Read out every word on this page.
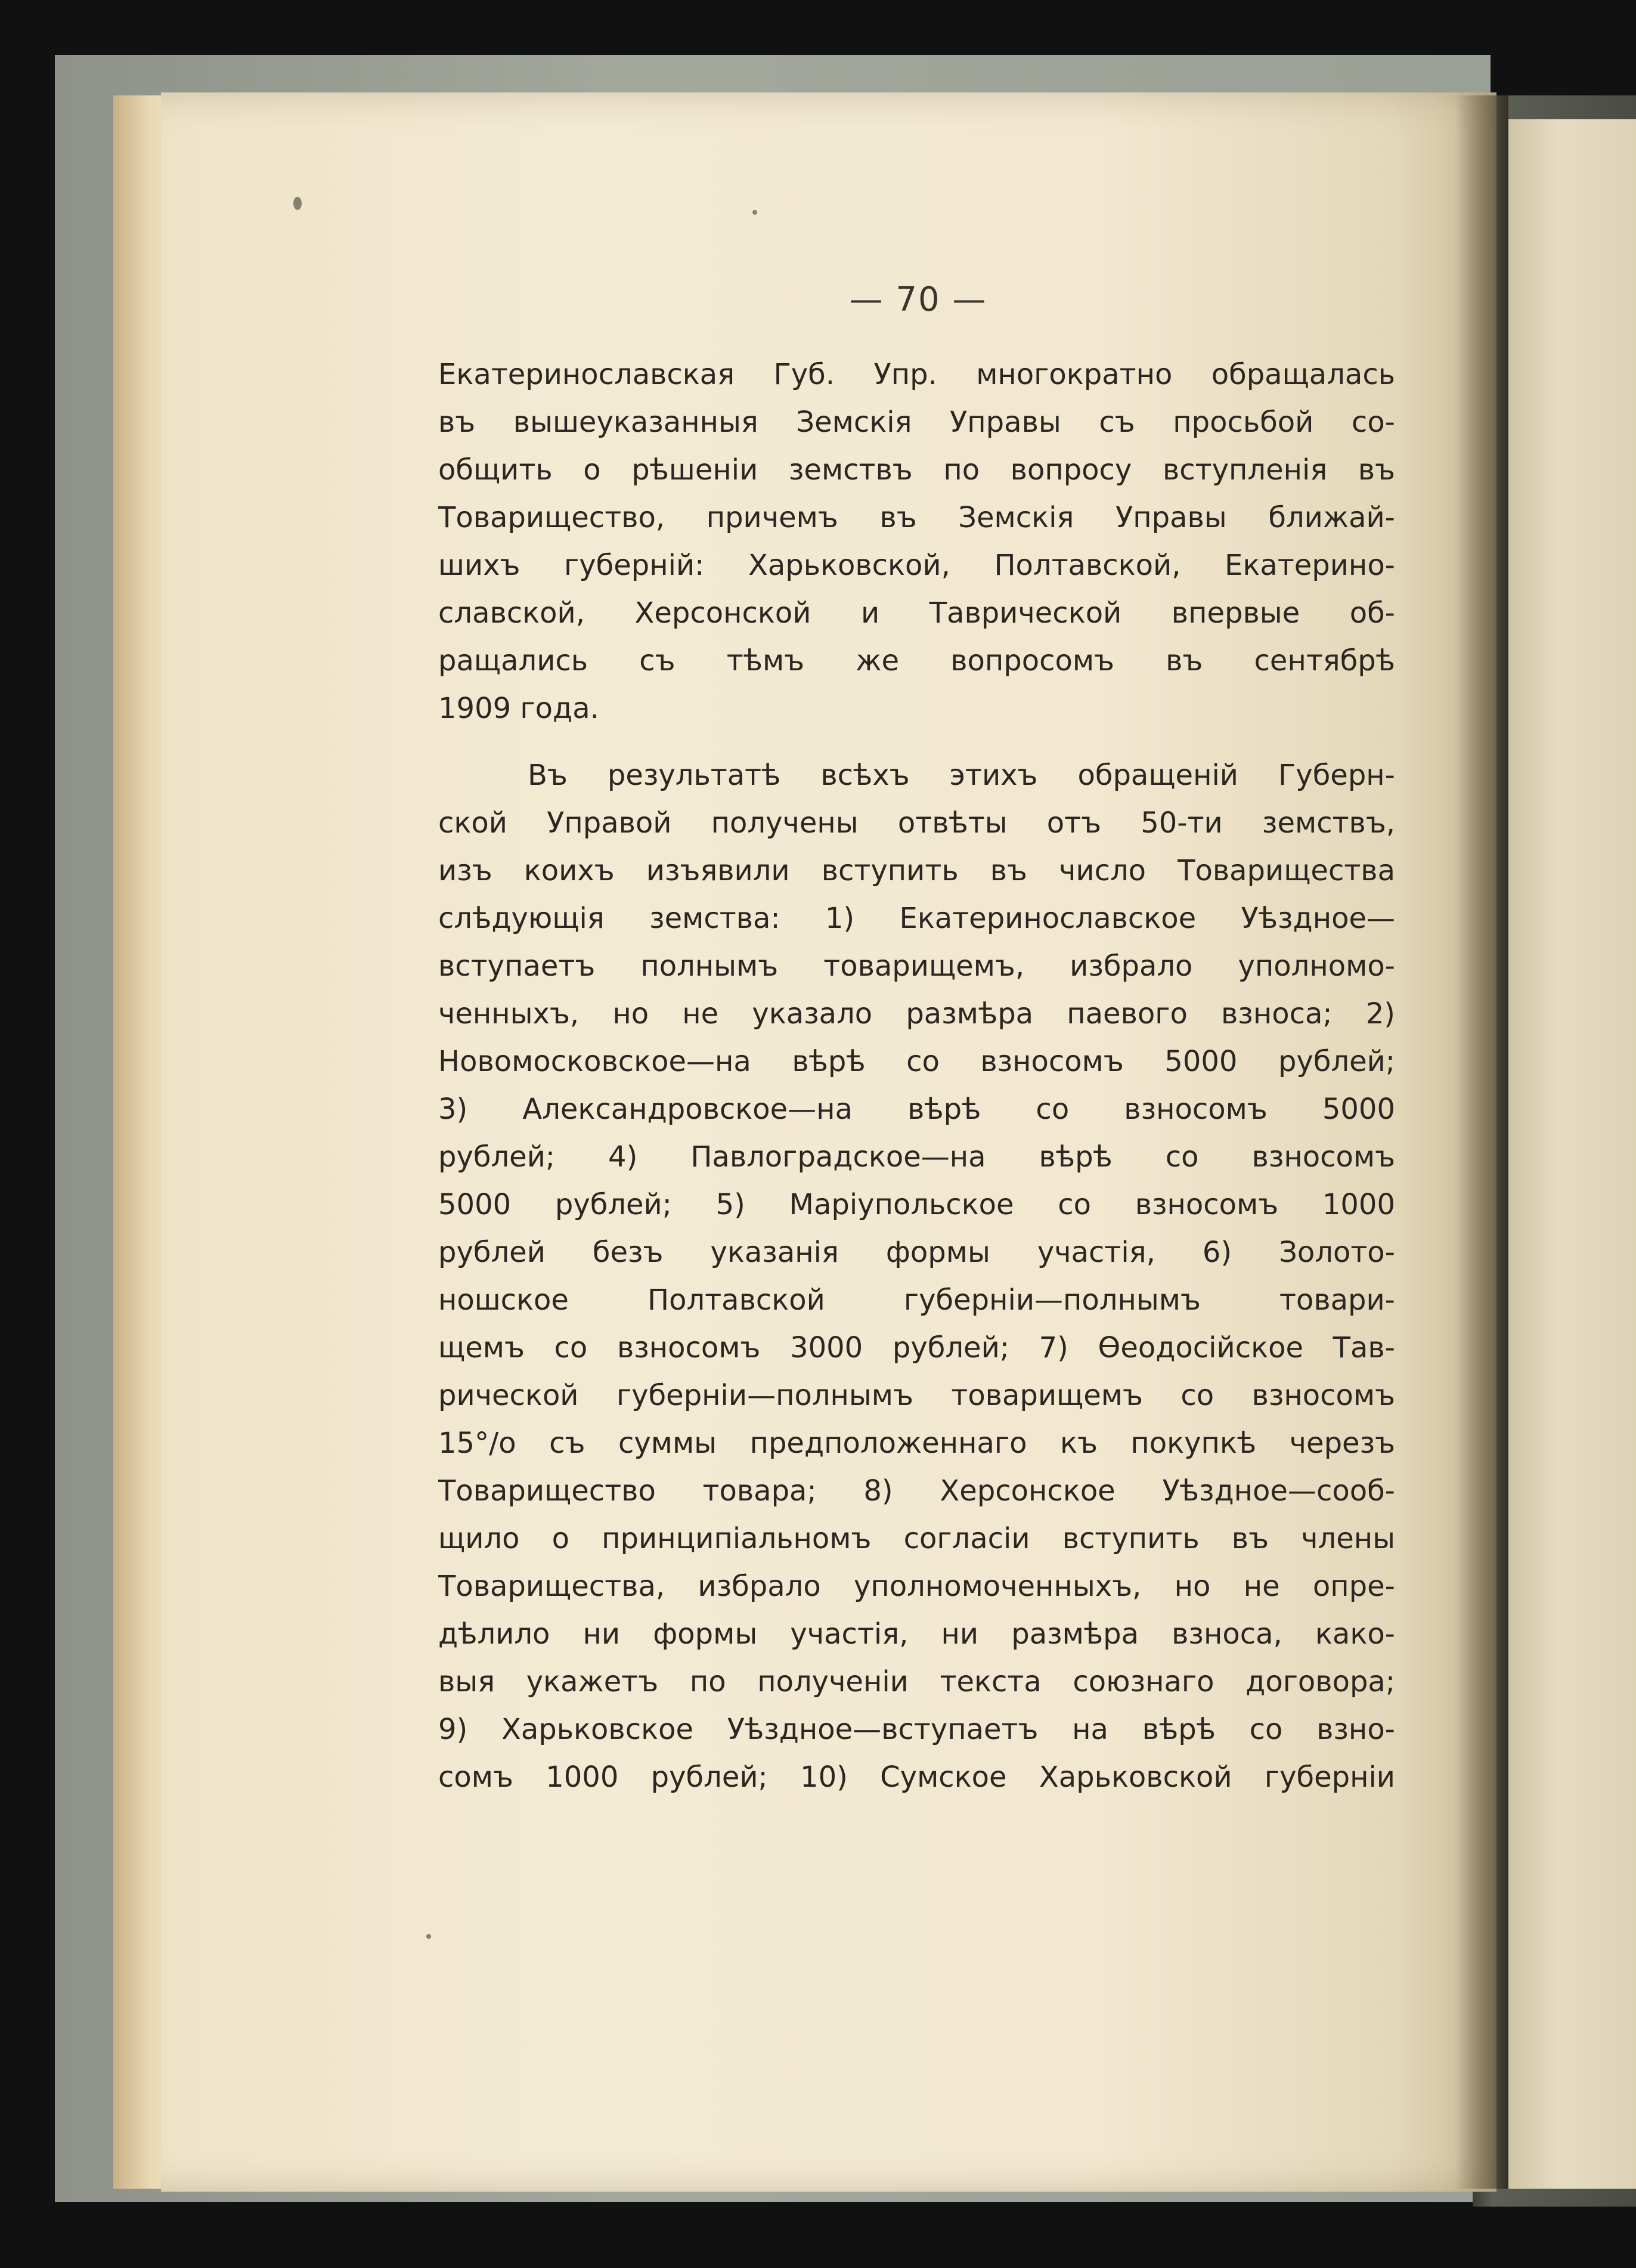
— 70 —
Екатеринославская Губ. Упр. многократно обращалась
въ вышеуказанныя Земскія Управы съ просьбой со-
общить о рѣшеніи земствъ по вопросу вступленія въ
Товарищество, причемъ въ Земскія Управы ближай-
шихъ губерній: Харьковской, Полтавской, Екатерино-
славской, Херсонской и Таврической впервые об-
ращались съ тѣмъ же вопросомъ въ сентябрѣ
1909 года.
Въ результатѣ всѣхъ этихъ обращеній Губерн-
ской Управой получены отвѣты отъ 50-ти земствъ,
изъ коихъ изъявили вступить въ число Товарищества
слѣдующія земства: 1) Екатеринославское Уѣздное—
вступаетъ полнымъ товарищемъ, избрало уполномо-
ченныхъ, но не указало размѣра паевого взноса; 2)
Новомосковское—на вѣрѣ со взносомъ 5000 рублей;
3) Александровское—на вѣрѣ со взносомъ 5000
рублей; 4) Павлоградское—на вѣрѣ со взносомъ
5000 рублей; 5) Маріупольское со взносомъ 1000
рублей безъ указанія формы участія, 6) Золото-
ношское Полтавской губерніи—полнымъ товари-
щемъ со взносомъ 3000 рублей; 7) Ѳеодосійское Тав-
рической губерніи—полнымъ товарищемъ со взносомъ
15°/о съ суммы предположеннаго къ покупкѣ черезъ
Товарищество товара; 8) Херсонское Уѣздное—сооб-
щило о принципіальномъ согласіи вступить въ члены
Товарищества, избрало уполномоченныхъ, но не опре-
дѣлило ни формы участія, ни размѣра взноса, како-
выя укажетъ по полученіи текста союзнаго договора;
9) Харьковское Уѣздное—вступаетъ на вѣрѣ со взно-
сомъ 1000 рублей; 10) Сумское Харьковской губерніи
